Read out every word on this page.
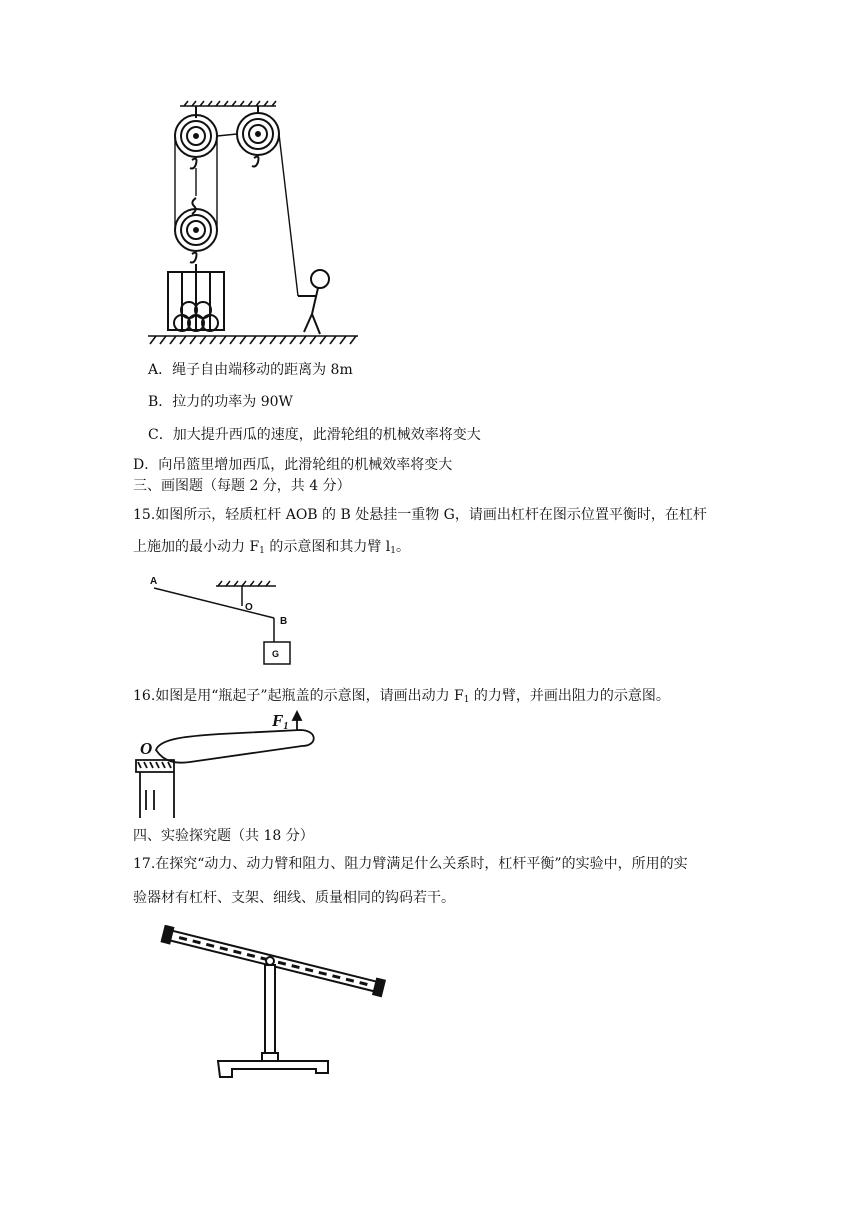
A．绳子自由端移动的距离为 8m
B．拉力的功率为 90W
C．加大提升西瓜的速度，此滑轮组的机械效率将变大
D．向吊篮里增加西瓜，此滑轮组的机械效率将变大
三、画图题（每题 2 分，共 4 分）
15.如图所示，轻质杠杆 AOB 的 B 处悬挂一重物 G，请画出杠杆在图示位置平衡时，在杠杆
上施加的最小动力 $F_1$ 的示意图和其力臂 $l_1$。
A
O
B
G
16.如图是用“瓶起子”起瓶盖的示意图，请画出动力 $F_1$ 的力臂，并画出阻力的示意图。
O
F1
四、实验探究题（共 18 分）
17.在探究“动力、动力臂和阻力、阻力臂满足什么关系时，杠杆平衡”的实验中，所用的实
验器材有杠杆、支架、细线、质量相同的钩码若干。
